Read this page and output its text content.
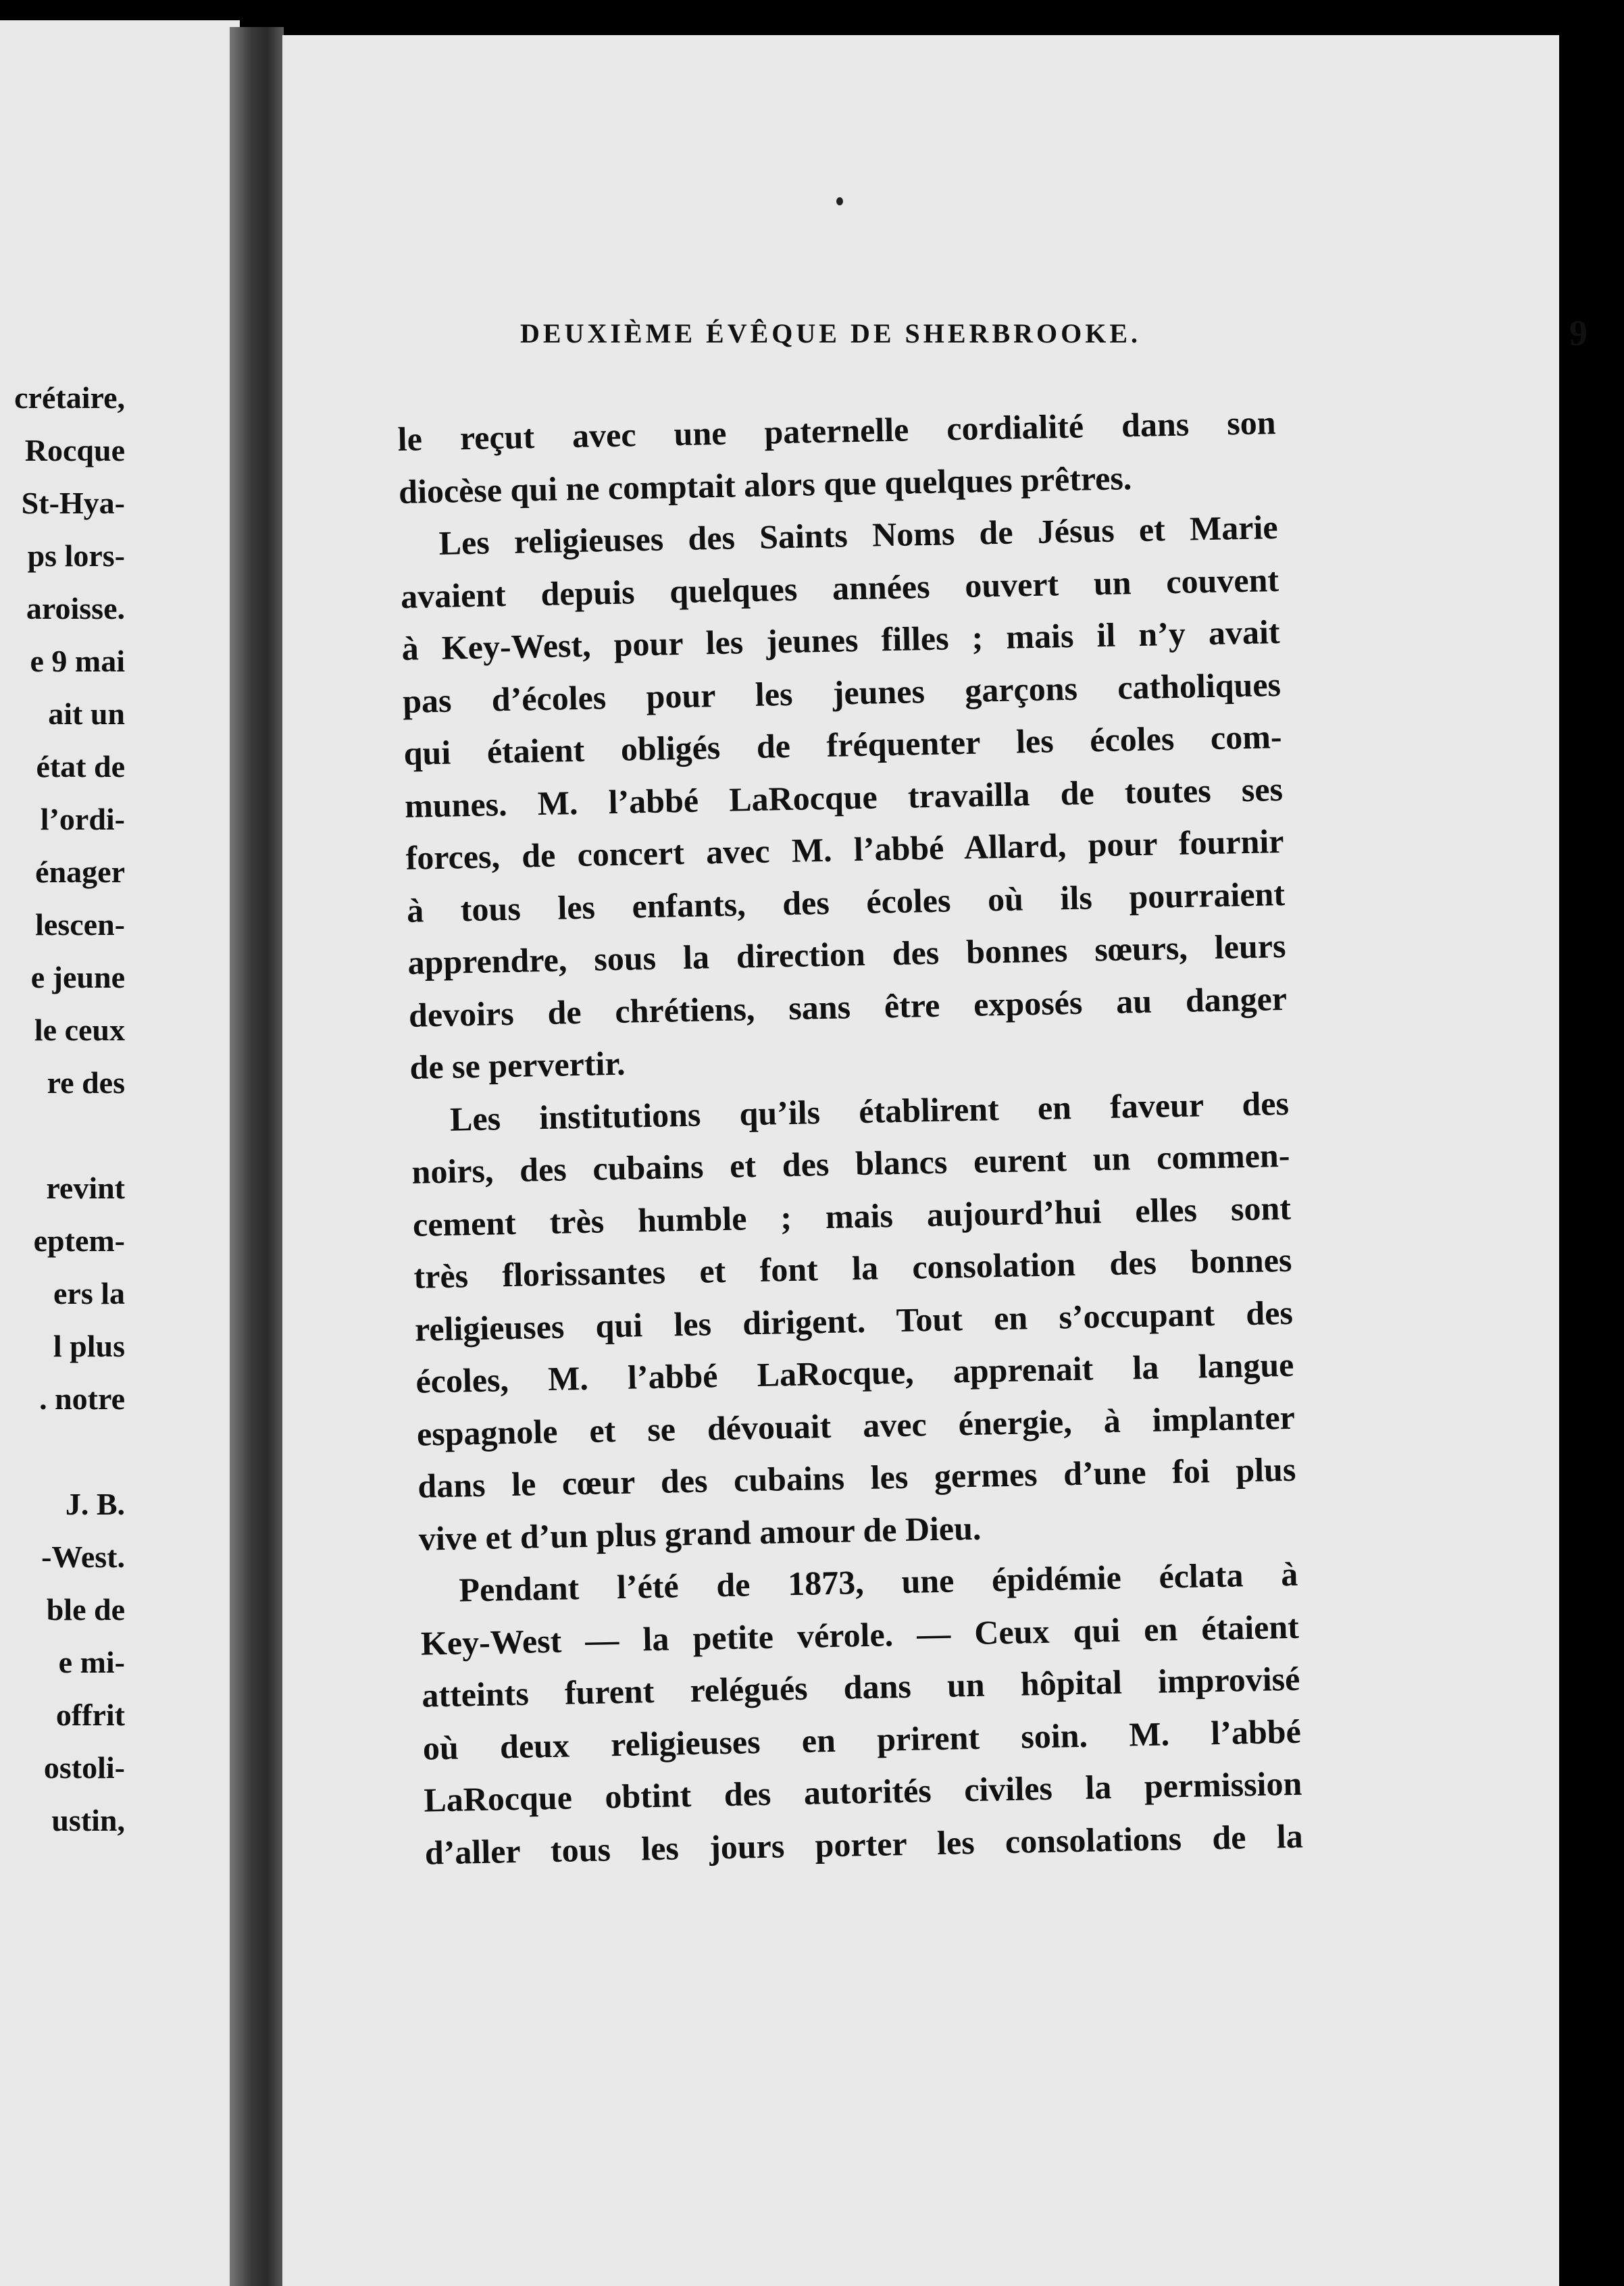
crétaire,
Rocque
St-Hya-
ps lors-
aroisse.
e 9 mai
ait un
état de
l’ordi-
énager
lescen-
e jeune
le ceux
re des
revint
eptem-
ers la
l plus
. notre
J. B.
-West.
ble de
e mi-
offrit
ostoli-
ustin,
DEUXIÈME ÉVÊQUE DE SHERBROOKE.	9
le reçut avec une paternelle cordialité dans son
diocèse qui ne comptait alors que quelques prêtres.
Les religieuses des Saints Noms de Jésus et Marie
avaient depuis quelques années ouvert un couvent
à Key-West, pour les jeunes filles ; mais il n’y avait
pas d’écoles pour les jeunes garçons catholiques
qui étaient obligés de fréquenter les écoles com-
munes. M. l’abbé LaRocque travailla de toutes ses
forces, de concert avec M. l’abbé Allard, pour fournir
à tous les enfants, des écoles où ils pourraient
apprendre, sous la direction des bonnes sœurs, leurs
devoirs de chrétiens, sans être exposés au danger
de se pervertir.
Les institutions qu’ils établirent en faveur des
noirs, des cubains et des blancs eurent un commen-
cement très humble ; mais aujourd’hui elles sont
très florissantes et font la consolation des bonnes
religieuses qui les dirigent. Tout en s’occupant des
écoles, M. l’abbé LaRocque, apprenait la langue
espagnole et se dévouait avec énergie, à implanter
dans le cœur des cubains les germes d’une foi plus
vive et d’un plus grand amour de Dieu.
Pendant l’été de 1873, une épidémie éclata à
Key-West — la petite vérole. — Ceux qui en étaient
atteints furent relégués dans un hôpital improvisé
où deux religieuses en prirent soin. M. l’abbé
LaRocque obtint des autorités civiles la permission
d’aller tous les jours porter les consolations de la
